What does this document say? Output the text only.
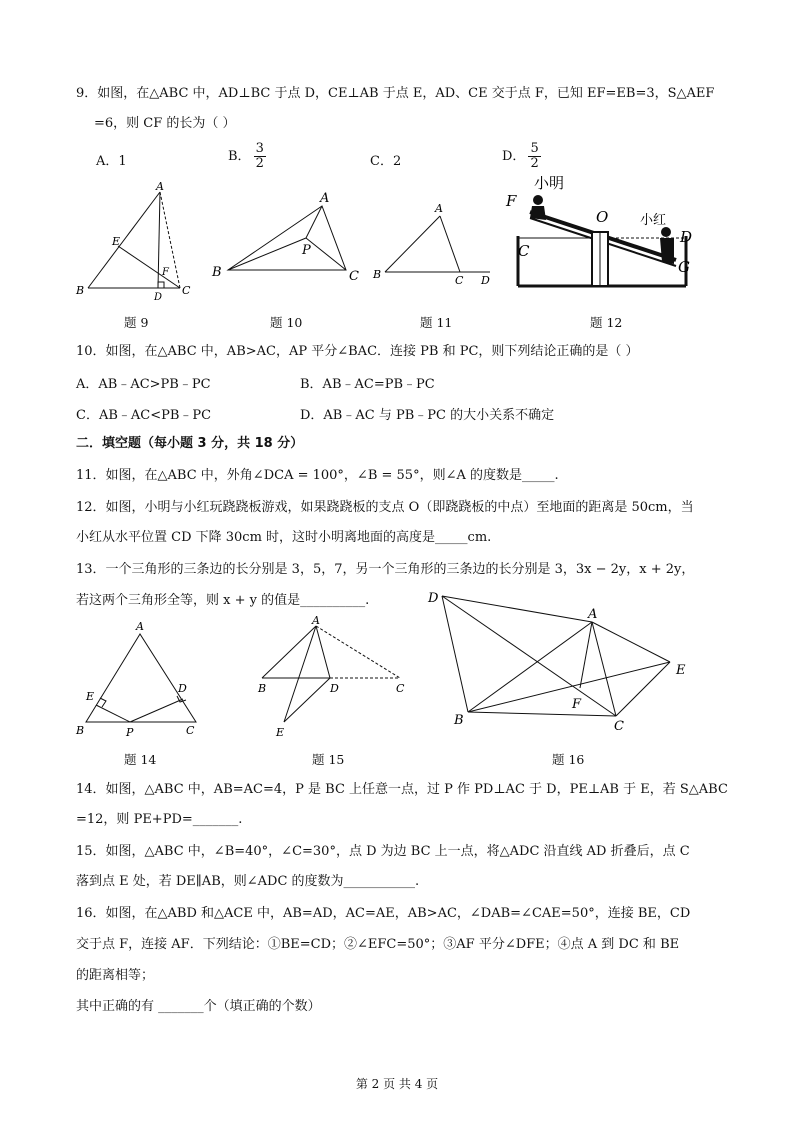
9．如图，在△ABC 中，AD⊥BC 于点 D，CE⊥AB 于点 E，AD、CE 交于点 F，已知 EF=EB=3，S△AEF
=6，则 CF 的长为（ ）
A．1	B． $\frac{3}{2}$	C．2	D． $\frac{5}{2}$
A
E
F
B
D
C
A
P
B	C
A
B	C D
F
小明
O 小红
C
D
G
题 9	题 10	题 11	题 12
10．如图，在△ABC 中，AB>AC，AP 平分∠BAC．连接 PB 和 PC，则下列结论正确的是（ ）
A．AB﹣AC>PB﹣PC	B．AB﹣AC=PB﹣PC
C．AB﹣AC<PB﹣PC	D．AB﹣AC 与 PB﹣PC 的大小关系不确定
二．填空题（每小题 3 分，共 18 分）
11．如图，在△ABC 中，外角∠DCA = 100°，∠B = 55°，则∠A 的度数是_____.
12．如图，小明与小红玩跷跷板游戏，如果跷跷板的支点 O（即跷跷板的中点）至地面的距离是 50cm，当
小红从水平位置 CD 下降 30cm 时，这时小明离地面的高度是_____cm.
13．一个三角形的三条边的长分别是 3，5，7，另一个三角形的三条边的长分别是 3，3x − 2y，x + 2y，
若这两个三角形全等，则 x + y 的值是__________.
A
E
D
B	P	C
A
B	D	C
E
D
A
E
F
B	C
题 14	题 15	题 16
14．如图，△ABC 中，AB=AC=4，P 是 BC 上任意一点，过 P 作 PD⊥AC 于 D，PE⊥AB 于 E，若 S△ABC
=12，则 PE+PD=_______.
15．如图，△ABC 中，∠B=40°，∠C=30°，点 D 为边 BC 上一点，将△ADC 沿直线 AD 折叠后，点 C
落到点 E 处，若 DE∥AB，则∠ADC 的度数为___________.
16．如图，在△ABD 和△ACE 中，AB=AD，AC=AE，AB>AC，∠DAB=∠CAE=50°，连接 BE，CD
交于点 F，连接 AF．下列结论：①BE=CD；②∠EFC=50°；③AF 平分∠DFE；④点 A 到 DC 和 BE
的距离相等；
其中正确的有 _______个（填正确的个数）
第 2 页 共 4 页
